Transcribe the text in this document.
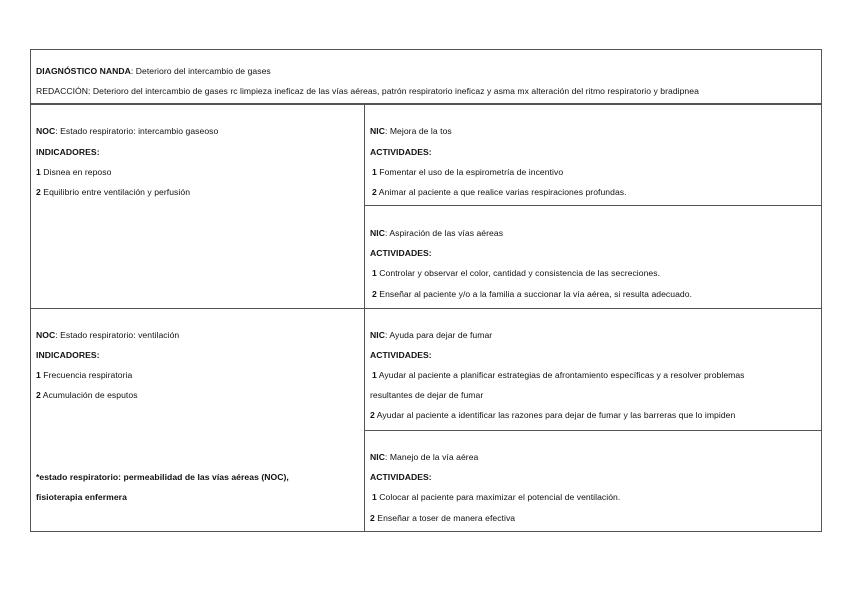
DIAGNÓSTICO NANDA: Deterioro del intercambio de gases
REDACCIÓN: Deterioro del intercambio de gases rc limpieza ineficaz de las vías aéreas, patrón respiratorio ineficaz y asma mx alteración del ritmo respiratorio y bradipnea
NOC: Estado respiratorio: intercambio gaseoso
INDICADORES:
1 Disnea en reposo
2 Equilibrio entre ventilación y perfusión
NIC: Mejora de la tos
ACTIVIDADES:
1 Fomentar el uso de la espirometría de incentivo
2 Animar al paciente a que realice varias respiraciones profundas.
NIC: Aspiración de las vías aéreas
ACTIVIDADES:
1 Controlar y observar el color, cantidad y consistencia de las secreciones.
2 Enseñar al paciente y/o a la familia a succionar la vía aérea, si resulta adecuado.
NOC: Estado respiratorio: ventilación
INDICADORES:
1 Frecuencia respiratoria
2 Acumulación de esputos
*estado respiratorio: permeabilidad de las vías aéreas (NOC),
fisioterapia enfermera
NIC: Ayuda para dejar de fumar
ACTIVIDADES:
1 Ayudar al paciente a planificar estrategias de afrontamiento específicas y a resolver problemas
resultantes de dejar de fumar
2 Ayudar al paciente a identificar las razones para dejar de fumar y las barreras que lo impiden
NIC: Manejo de la vía aérea
ACTIVIDADES:
1 Colocar al paciente para maximizar el potencial de ventilación.
2 Enseñar a toser de manera efectiva
